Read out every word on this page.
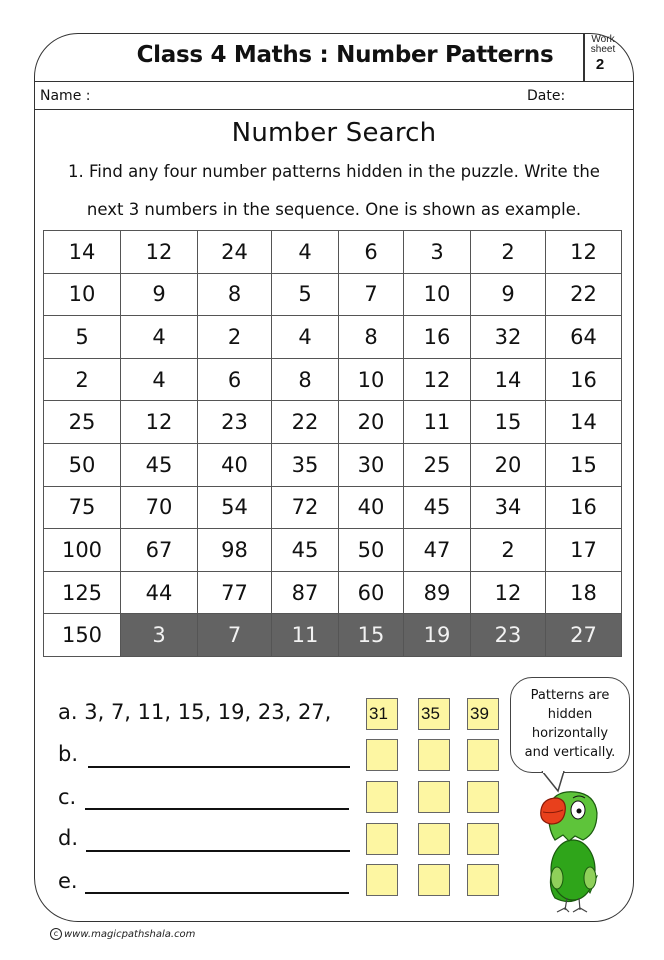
Class 4 Maths : Number Patterns
Work
sheet
2
Name :	Date:
Number Search
1. Find any four number patterns hidden in the puzzle. Write the
next 3 numbers in the sequence. One is shown as example.
14	12	24	4	6	3	2	12
10	9	8	5	7	10	9	22
5	4	2	4	8	16	32	64
2	4	6	8	10	12	14	16
25	12	23	22	20	11	15	14
50	45	40	35	30	25	20	15
75	70	54	72	40	45	34	16
100	67	98	45	50	47	2	17
125	44	77	87	60	89	12	18
150	3	7	11	15	19	23	27
a. 3, 7, 11, 15, 19, 23, 27,
b.
c.
d.
e.
31	35	39
Patterns are
hidden
horizontally
and vertically.
c www.magicpathshala.com
